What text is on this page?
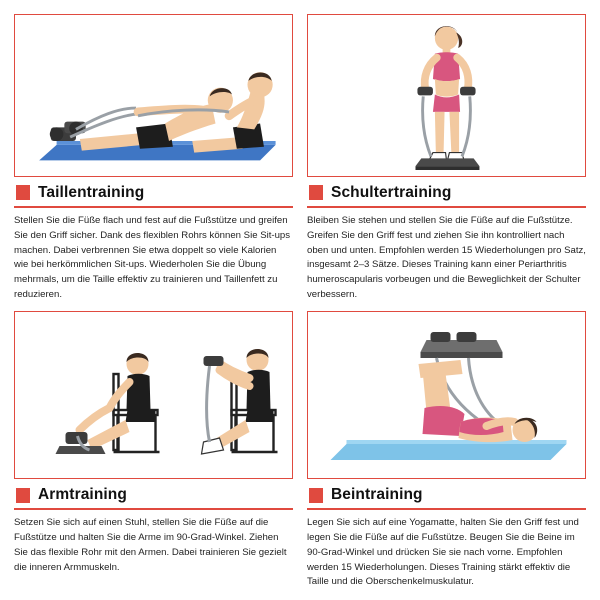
Taillentraining
Stellen Sie die Füße flach und fest auf die Fußstütze und greifen Sie den Griff sicher. Dank des flexiblen Rohrs können Sie Sit-ups machen. Dabei verbrennen Sie etwa doppelt so viele Kalorien wie bei herkömmlichen Sit-ups. Wiederholen Sie die Übung mehrmals, um die Taille effektiv zu trainieren und Taillenfett zu reduzieren.
Schultertraining
Bleiben Sie stehen und stellen Sie die Füße auf die Fußstütze. Greifen Sie den Griff fest und ziehen Sie ihn kontrolliert nach oben und unten. Empfohlen werden 15 Wiederholungen pro Satz, insgesamt 2–3 Sätze. Dieses Training kann einer Periarthritis humeroscapularis vorbeugen und die Beweglichkeit der Schulter verbessern.
Armtraining
Setzen Sie sich auf einen Stuhl, stellen Sie die Füße auf die Fußstütze und halten Sie die Arme im 90-Grad-Winkel. Ziehen Sie das flexible Rohr mit den Armen. Dabei trainieren Sie gezielt die inneren Armmuskeln.
Beintraining
Legen Sie sich auf eine Yogamatte, halten Sie den Griff fest und legen Sie die Füße auf die Fußstütze. Beugen Sie die Beine im 90-Grad-Winkel und drücken Sie sie nach vorne. Empfohlen werden 15 Wiederholungen. Dieses Training stärkt effektiv die Taille und die Oberschenkelmuskulatur.
